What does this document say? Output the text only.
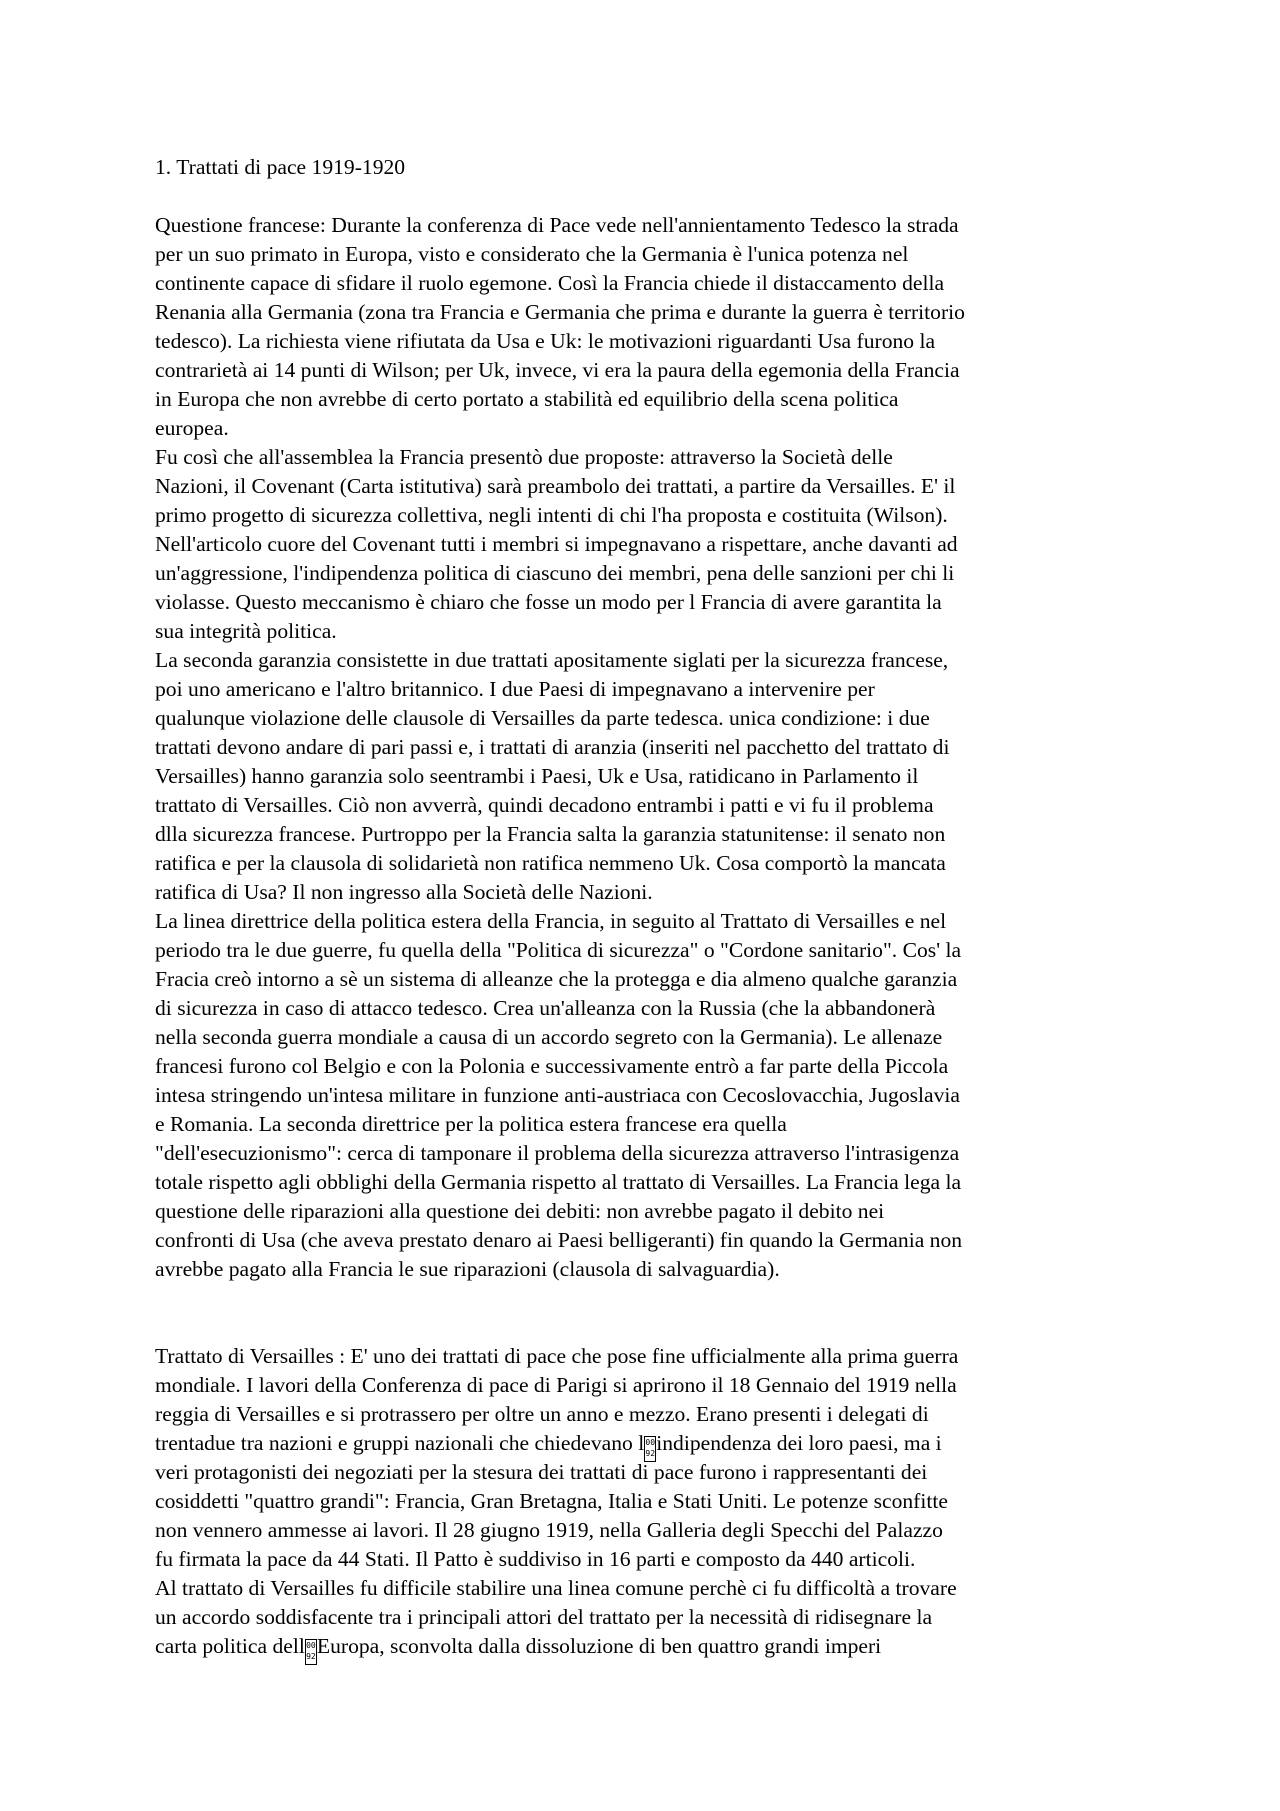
1. Trattati di pace 1919-1920
Questione francese: Durante la conferenza di Pace vede nell'annientamento Tedesco la strada
per un suo primato in Europa, visto e considerato che la Germania è l'unica potenza nel
continente capace di sfidare il ruolo egemone. Così la Francia chiede il distaccamento della
Renania alla Germania (zona tra Francia e Germania che prima e durante la guerra è territorio
tedesco). La richiesta viene rifiutata da Usa e Uk: le motivazioni riguardanti Usa furono la
contrarietà ai 14 punti di Wilson; per Uk, invece, vi era la paura della egemonia della Francia
in Europa che non avrebbe di certo portato a stabilità ed equilibrio della scena politica
europea.
Fu così che all'assemblea la Francia presentò due proposte: attraverso la Società delle
Nazioni, il Covenant (Carta istitutiva) sarà preambolo dei trattati, a partire da Versailles. E' il
primo progetto di sicurezza collettiva, negli intenti di chi l'ha proposta e costituita (Wilson).
Nell'articolo cuore del Covenant tutti i membri si impegnavano a rispettare, anche davanti ad
un'aggressione, l'indipendenza politica di ciascuno dei membri, pena delle sanzioni per chi li
violasse. Questo meccanismo è chiaro che fosse un modo per l Francia di avere garantita la
sua integrità politica.
La seconda garanzia consistette in due trattati apositamente siglati per la sicurezza francese,
poi uno americano e l'altro britannico. I due Paesi di impegnavano a intervenire per
qualunque violazione delle clausole di Versailles da parte tedesca. unica condizione: i due
trattati devono andare di pari passi e, i trattati di aranzia (inseriti nel pacchetto del trattato di
Versailles) hanno garanzia solo seentrambi i Paesi, Uk e Usa, ratidicano in Parlamento il
trattato di Versailles. Ciò non avverrà, quindi decadono entrambi i patti e vi fu il problema
dlla sicurezza francese. Purtroppo per la Francia salta la garanzia statunitense: il senato non
ratifica e per la clausola di solidarietà non ratifica nemmeno Uk. Cosa comportò la mancata
ratifica di Usa? Il non ingresso alla Società delle Nazioni.
La linea direttrice della politica estera della Francia, in seguito al Trattato di Versailles e nel
periodo tra le due guerre, fu quella della "Politica di sicurezza" o "Cordone sanitario". Cos' la
Fracia creò intorno a sè un sistema di alleanze che la protegga e dia almeno qualche garanzia
di sicurezza in caso di attacco tedesco. Crea un'alleanza con la Russia (che la abbandonerà
nella seconda guerra mondiale a causa di un accordo segreto con la Germania). Le allenaze
francesi furono col Belgio e con la Polonia e successivamente entrò a far parte della Piccola
intesa stringendo un'intesa militare in funzione anti-austriaca con Cecoslovacchia, Jugoslavia
e Romania. La seconda direttrice per la politica estera francese era quella
"dell'esecuzionismo": cerca di tamponare il problema della sicurezza attraverso l'intrasigenza
totale rispetto agli obblighi della Germania rispetto al trattato di Versailles. La Francia lega la
questione delle riparazioni alla questione dei debiti: non avrebbe pagato il debito nei
confronti di Usa (che aveva prestato denaro ai Paesi belligeranti) fin quando la Germania non
avrebbe pagato alla Francia le sue riparazioni (clausola di salvaguardia).
Trattato di Versailles : E' uno dei trattati di pace che pose fine ufficialmente alla prima guerra
mondiale. I lavori della Conferenza di pace di Parigi si aprirono il 18 Gennaio del 1919 nella
reggia di Versailles e si protrassero per oltre un anno e mezzo. Erano presenti i delegati di
trentadue tra nazioni e gruppi nazionali che chiedevano l00
92indipendenza dei loro paesi, ma i
veri protagonisti dei negoziati per la stesura dei trattati di pace furono i rappresentanti dei
cosiddetti "quattro grandi": Francia, Gran Bretagna, Italia e Stati Uniti. Le potenze sconfitte
non vennero ammesse ai lavori. Il 28 giugno 1919, nella Galleria degli Specchi del Palazzo
fu firmata la pace da 44 Stati. Il Patto è suddiviso in 16 parti e composto da 440 articoli.
Al trattato di Versailles fu difficile stabilire una linea comune perchè ci fu difficoltà a trovare
un accordo soddisfacente tra i principali attori del trattato per la necessità di ridisegnare la
carta politica dell00
92Europa, sconvolta dalla dissoluzione di ben quattro grandi imperi
